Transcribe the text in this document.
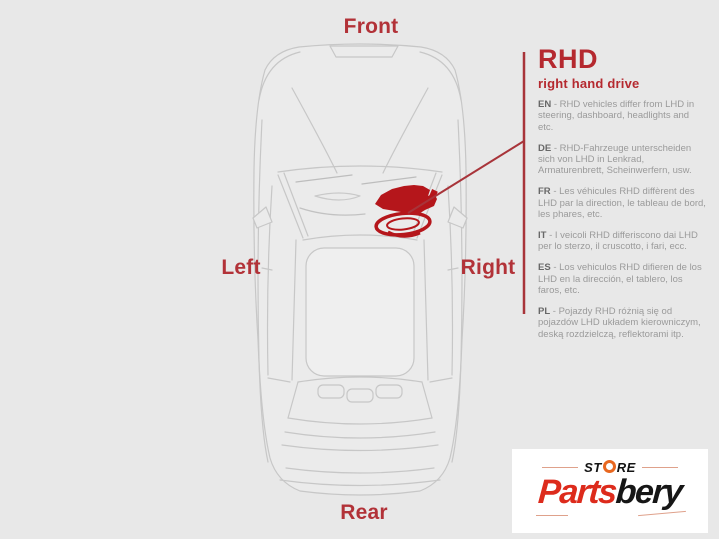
Front
Left	Right
Rear
RHD
right hand drive

EN - RHD vehicles differ from LHD in steering, dashboard, headlights and etc.

DE - RHD-Fahrzeuge unterscheiden sich von LHD in Lenkrad, Armaturenbrett, Scheinwerfern, usw.

FR - Les véhicules RHD diffèrent des LHD par la direction, le tableau de bord, les phares, etc.

IT - I veicoli RHD differiscono dai LHD per lo sterzo, il cruscotto, i fari, ecc.

ES - Los vehiculos RHD difieren de los LHD en la dirección, el tablero, los faros, etc.

PL - Pojazdy RHD różnią się od pojazdów LHD układem kierowniczym, deską rozdzielczą, reflektorami itp.

ST RE
Partsbery
